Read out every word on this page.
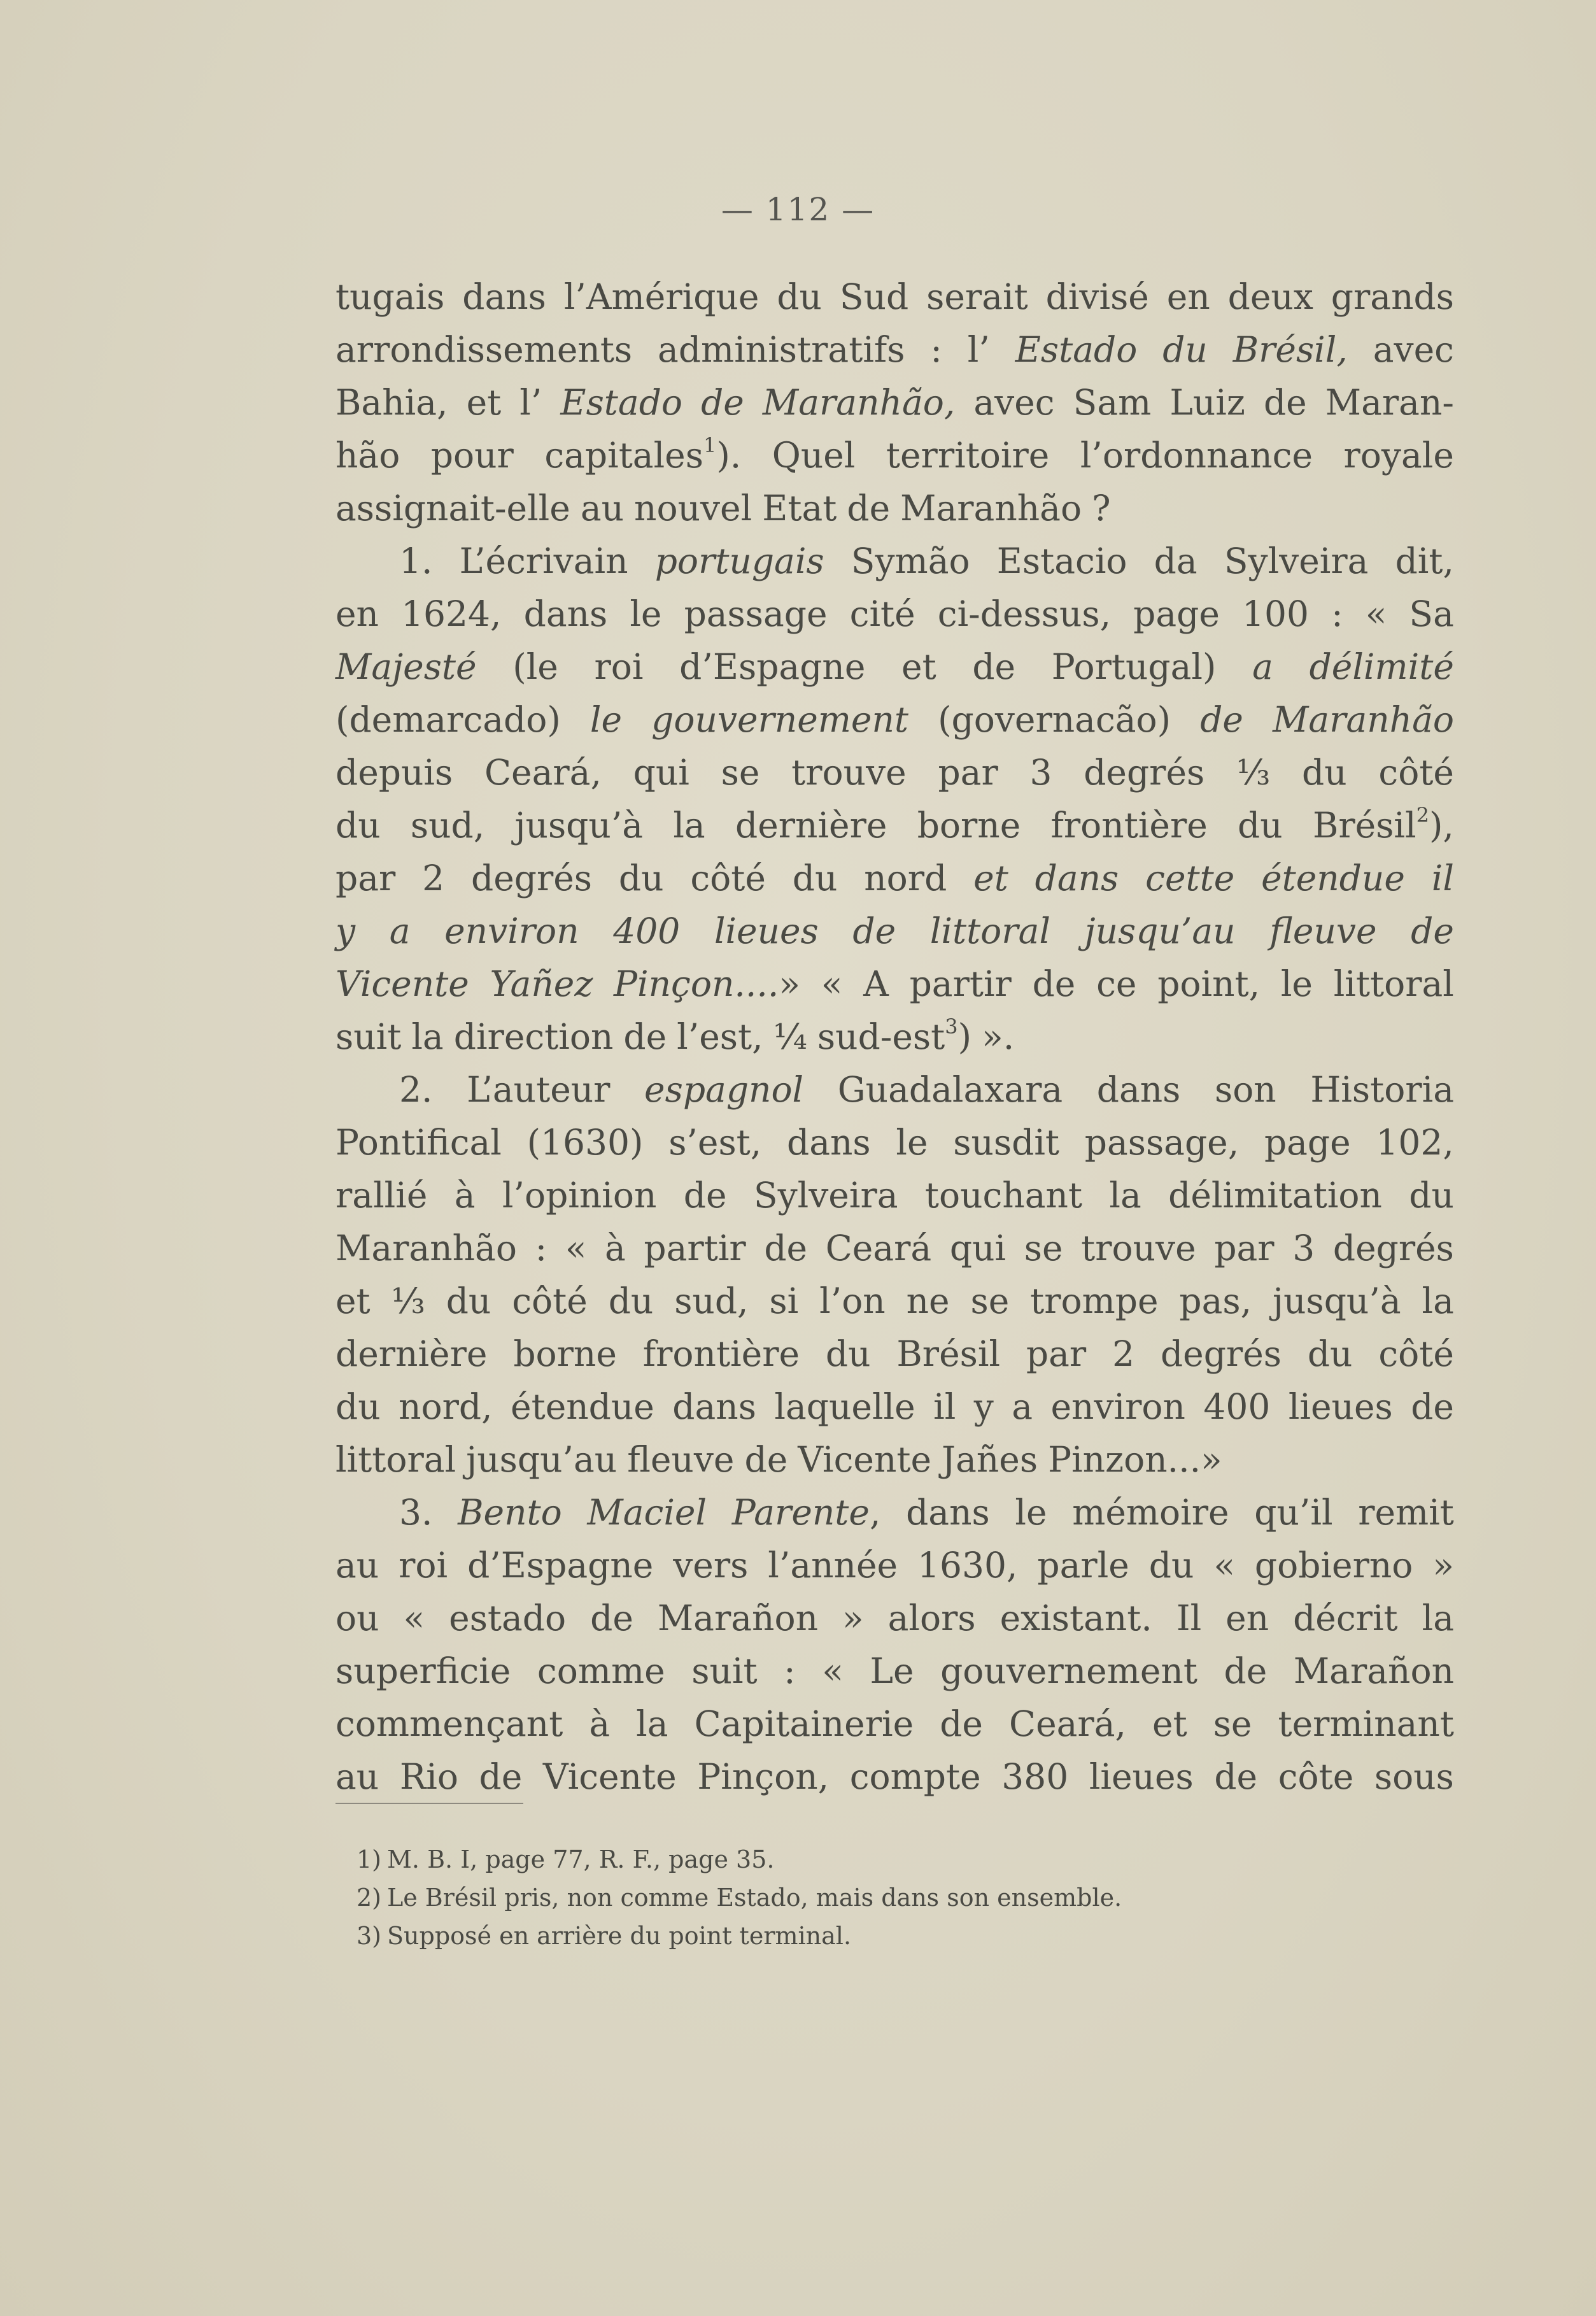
— 112 —
tugais dans l’Amérique du Sud serait divisé en deux grands
arrondissements administratifs : l’ Estado du Brésil, avec
Bahia, et l’ Estado de Maranhão, avec Sam Luiz de Maran-
hão pour capitales$^1$). Quel territoire l’ordonnance royale
assignait-elle au nouvel Etat de Maranhão ?
1. L’écrivain portugais Symão Estacio da Sylveira dit,
en 1624, dans le passage cité ci-dessus, page 100 : « Sa
Majesté (le roi d’Espagne et de Portugal) a délimité
(demarcado) le gouvernement (governacão) de Maranhão
depuis Ceará, qui se trouve par 3 degrés ⅓ du côté
du sud, jusqu’à la dernière borne frontière du Brésil$^2$),
par 2 degrés du côté du nord et dans cette étendue il
y a environ 400 lieues de littoral jusqu’au fleuve de
Vicente Yañez Pinçon....» « A partir de ce point, le littoral
suit la direction de l’est, ¼ sud-est$^3$) ».
2. L’auteur espagnol Guadalaxara dans son Historia
Pontifical (1630) s’est, dans le susdit passage, page 102,
rallié à l’opinion de Sylveira touchant la délimitation du
Maranhão : « à partir de Ceará qui se trouve par 3 degrés
et ⅓ du côté du sud, si l’on ne se trompe pas, jusqu’à la
dernière borne frontière du Brésil par 2 degrés du côté
du nord, étendue dans laquelle il y a environ 400 lieues de
littoral jusqu’au fleuve de Vicente Jañes Pinzon...»
3. Bento Maciel Parente, dans le mémoire qu’il remit
au roi d’Espagne vers l’année 1630, parle du « gobierno »
ou « estado de Marañon » alors existant. Il en décrit la
superficie comme suit : « Le gouvernement de Marañon
commençant à la Capitainerie de Ceará, et se terminant
au Rio de Vicente Pinçon, compte 380 lieues de côte sous
1) M. B. I, page 77, R. F., page 35.
2) Le Brésil pris, non comme Estado, mais dans son ensemble.
3) Supposé en arrière du point terminal.
